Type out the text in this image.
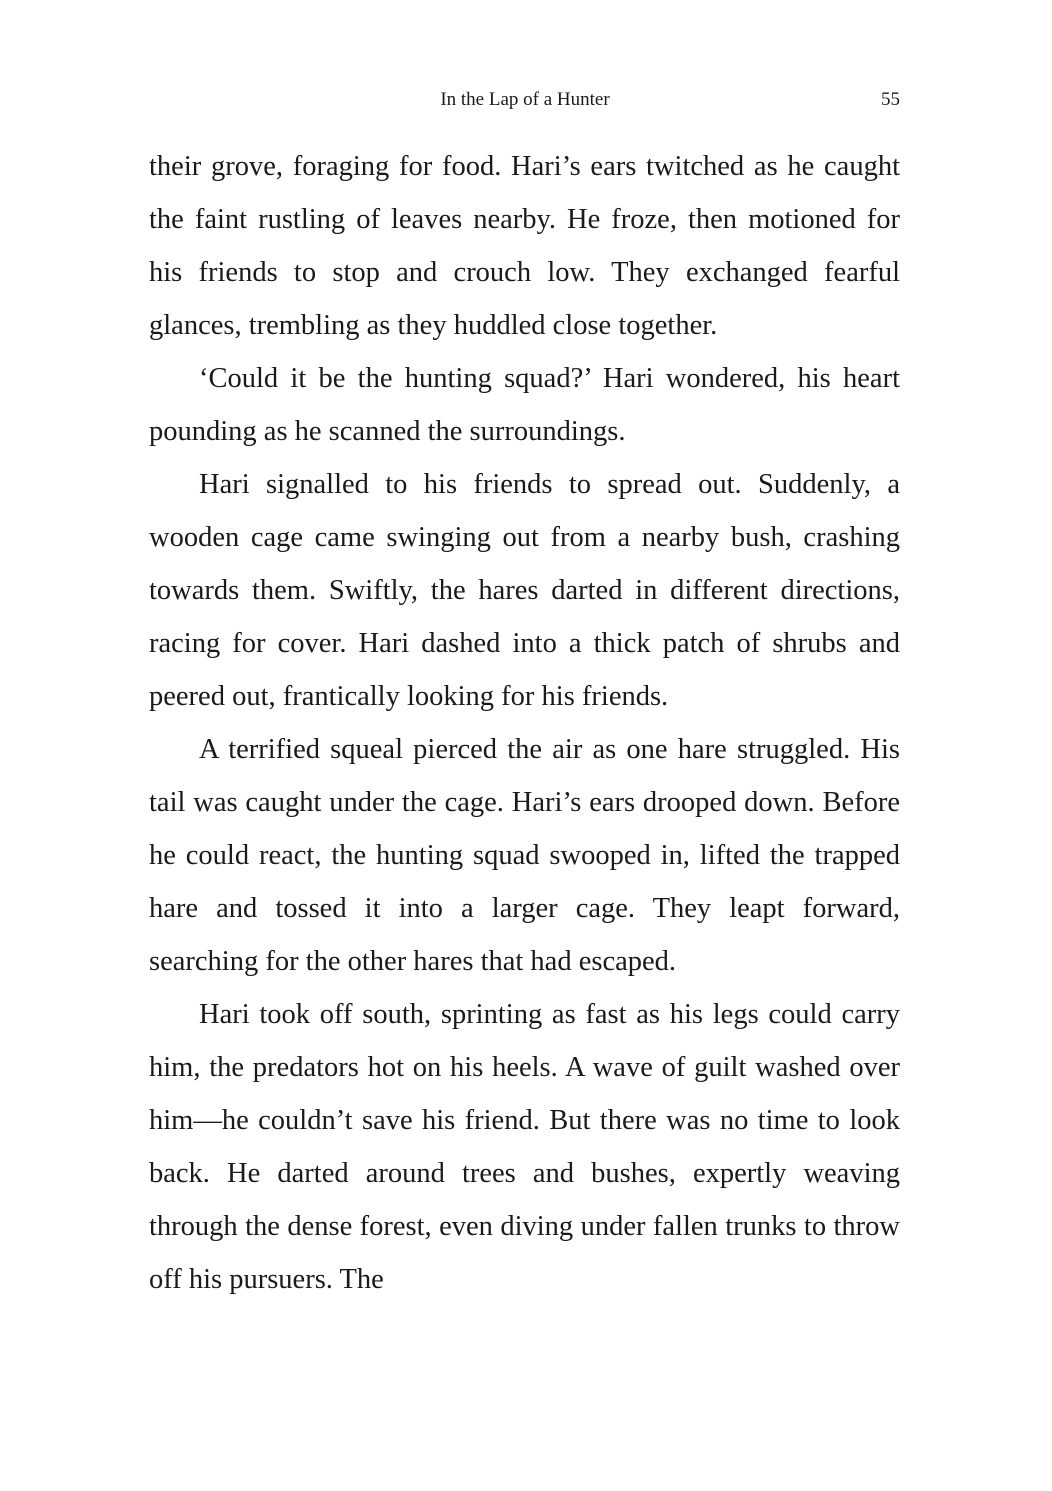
In the Lap of a Hunter	55

their grove, foraging for food. Hari’s ears twitched as he caught the faint rustling of leaves nearby. He froze, then motioned for his friends to stop and crouch low. They exchanged fearful glances, trembling as they huddled close together.

‘Could it be the hunting squad?’ Hari wondered, his heart pounding as he scanned the surroundings.

Hari signalled to his friends to spread out. Suddenly, a wooden cage came swinging out from a nearby bush, crashing towards them. Swiftly, the hares darted in different directions, racing for cover. Hari dashed into a thick patch of shrubs and peered out, frantically looking for his friends.

A terrified squeal pierced the air as one hare struggled. His tail was caught under the cage. Hari’s ears drooped down. Before he could react, the hunting squad swooped in, lifted the trapped hare and tossed it into a larger cage. They leapt forward, searching for the other hares that had escaped.

Hari took off south, sprinting as fast as his legs could carry him, the predators hot on his heels. A wave of guilt washed over him—he couldn’t save his friend. But there was no time to look back. He darted around trees and bushes, expertly weaving through the dense forest, even diving under fallen trunks to throw off his pursuers. The
